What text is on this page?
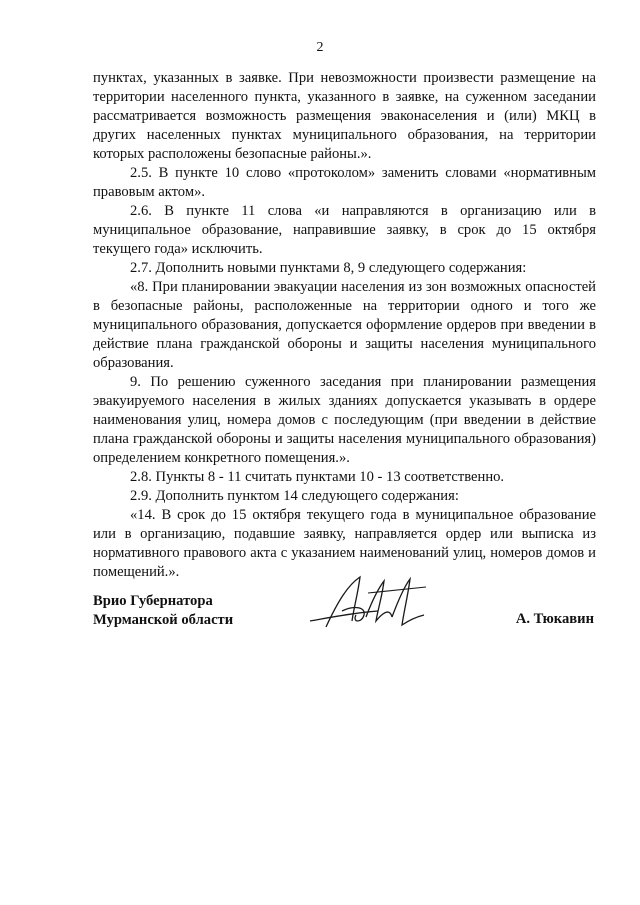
2

пунктах, указанных в заявке. При невозможности произвести размещение на территории населенного пункта, указанного в заявке, на суженном заседании рассматривается возможность размещения эваконаселения и (или) МКЦ в других населенных пунктах муниципального образования, на территории которых расположены безопасные районы.».

2.5. В пункте 10 слово «протоколом» заменить словами «нормативным правовым актом».

2.6. В пункте 11 слова «и направляются в организацию или в муниципальное образование, направившие заявку, в срок до 15 октября текущего года» исключить.

2.7. Дополнить новыми пунктами 8, 9 следующего содержания:

«8. При планировании эвакуации населения из зон возможных опасностей в безопасные районы, расположенные на территории одного и того же муниципального образования, допускается оформление ордеров при введении в действие плана гражданской обороны и защиты населения муниципального образования.

9. По решению суженного заседания при планировании размещения эвакуируемого населения в жилых зданиях допускается указывать в ордере наименования улиц, номера домов с последующим (при введении в действие плана гражданской обороны и защиты населения муниципального образования) определением конкретного помещения.».

2.8. Пункты 8 - 11 считать пунктами 10 - 13 соответственно.

2.9. Дополнить пунктом 14 следующего содержания:

«14. В срок до 15 октября текущего года в муниципальное образование или в организацию, подавшие заявку, направляется ордер или выписка из нормативного правового акта с указанием наименований улиц, номеров домов и помещений.».

Врио Губернатора
Мурманской области	А. Тюкавин
